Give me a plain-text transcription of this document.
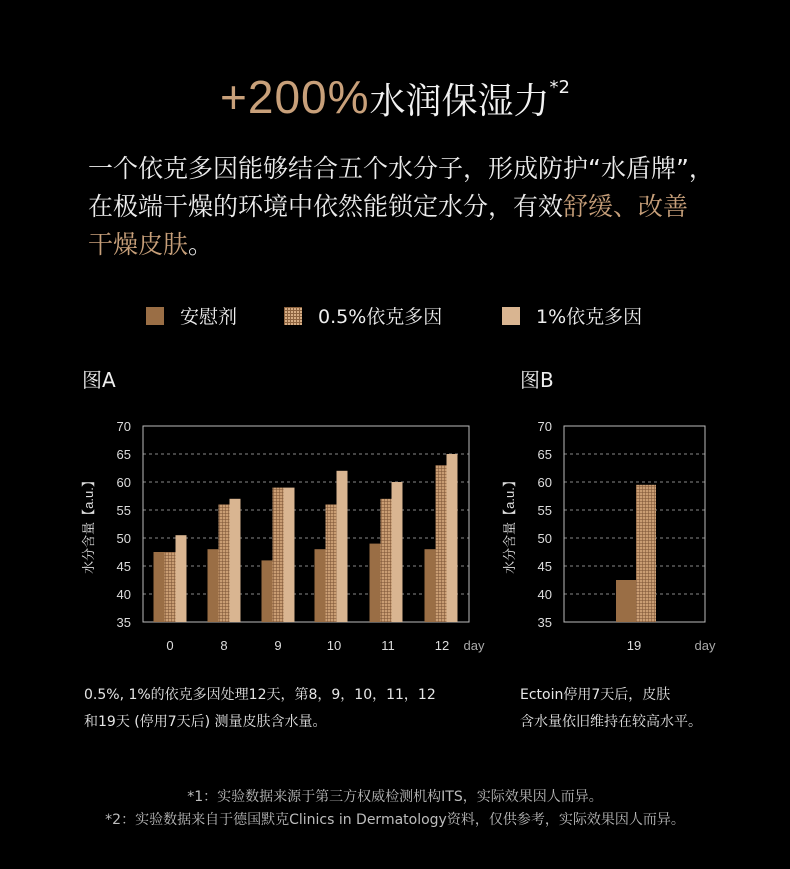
+200%水润保湿力*2
一个依克多因能够结合五个水分子，形成防护“水盾牌”，
在极端干燥的环境中依然能锁定水分，有效舒缓、改善
干燥皮肤。
安慰剂	0.5%依克多因	1%依克多因
图A	图B
35
40
45
50
55
60
65
70
水分含量【a.u.】
0	8	9	10	11	12 day
35
40
45
50
55
60
65
70
水分含量【a.u.】
19	day
0.5%, 1%的依克多因处理12天，第8，9，10，11，12
和19天 (停用7天后) 测量皮肤含水量。
Ectoin停用7天后，皮肤
含水量依旧维持在较高水平。
*1：实验数据来源于第三方权威检测机构ITS，实际效果因人而异。
*2：实验数据来自于德国默克Clinics in Dermatology资料，仅供参考，实际效果因人而异。
